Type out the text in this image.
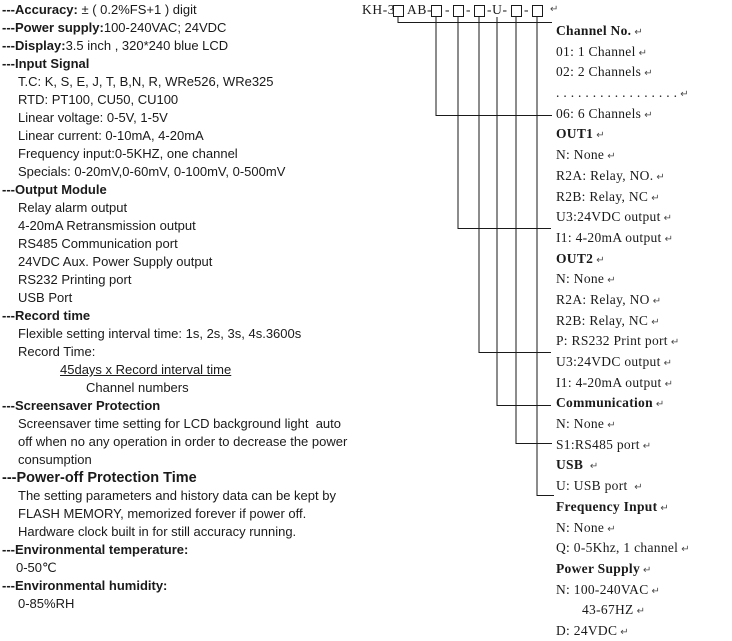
---Accuracy: ± ( 0.2%FS+1 ) digit
---Power supply:100-240VAC; 24VDC
---Display:3.5 inch , 320*240 blue LCD
---Input Signal
T.C: K, S, E, J, T, B,N, R, WRe526, WRe325
RTD: PT100, CU50, CU100
Linear voltage: 0-5V, 1-5V
Linear current: 0-10mA, 4-20mA
Frequency input:0-5KHZ, one channel
Specials: 0-20mV,0-60mV, 0-100mV, 0-500mV
---Output Module
Relay alarm output
4-20mA Retransmission output
RS485 Communication port
24VDC Aux. Power Supply output
RS232 Printing port
USB Port
---Record time
Flexible setting interval time: 1s, 2s, 3s, 4s.3600s
Record Time:
45days x Record interval time
Channel numbers
---Screensaver Protection
Screensaver time setting for LCD background light  auto
off when no any operation in order to decrease the power
consumption
---Power-off Protection Time
The setting parameters and history data can be kept by
FLASH MEMORY, memorized forever if power off.
Hardware clock built in for still accuracy running.
---Environmental temperature:
0-50℃
---Environmental humidity:
0-85%RH
KH-3 AB- - - -U- - ↵
Channel No. ↵
01: 1 Channel ↵
02: 2 Channels ↵
. . . . . . . . . . . . . . . . . ↵
06: 6 Channels ↵
OUT1 ↵
N: None ↵
R2A: Relay, NO. ↵
R2B: Relay, NC ↵
U3:24VDC output ↵
I1: 4-20mA output ↵
OUT2 ↵
N: None ↵
R2A: Relay, NO ↵
R2B: Relay, NC ↵
P: RS232 Print port ↵
U3:24VDC output ↵
I1: 4-20mA output ↵
Communication ↵
N: None ↵
S1:RS485 port ↵
USB ↵
U: USB port ↵
Frequency Input ↵
N: None ↵
Q: 0-5Khz, 1 channel ↵
Power Supply ↵
N: 100-240VAC ↵
43-67HZ ↵
D: 24VDC ↵
